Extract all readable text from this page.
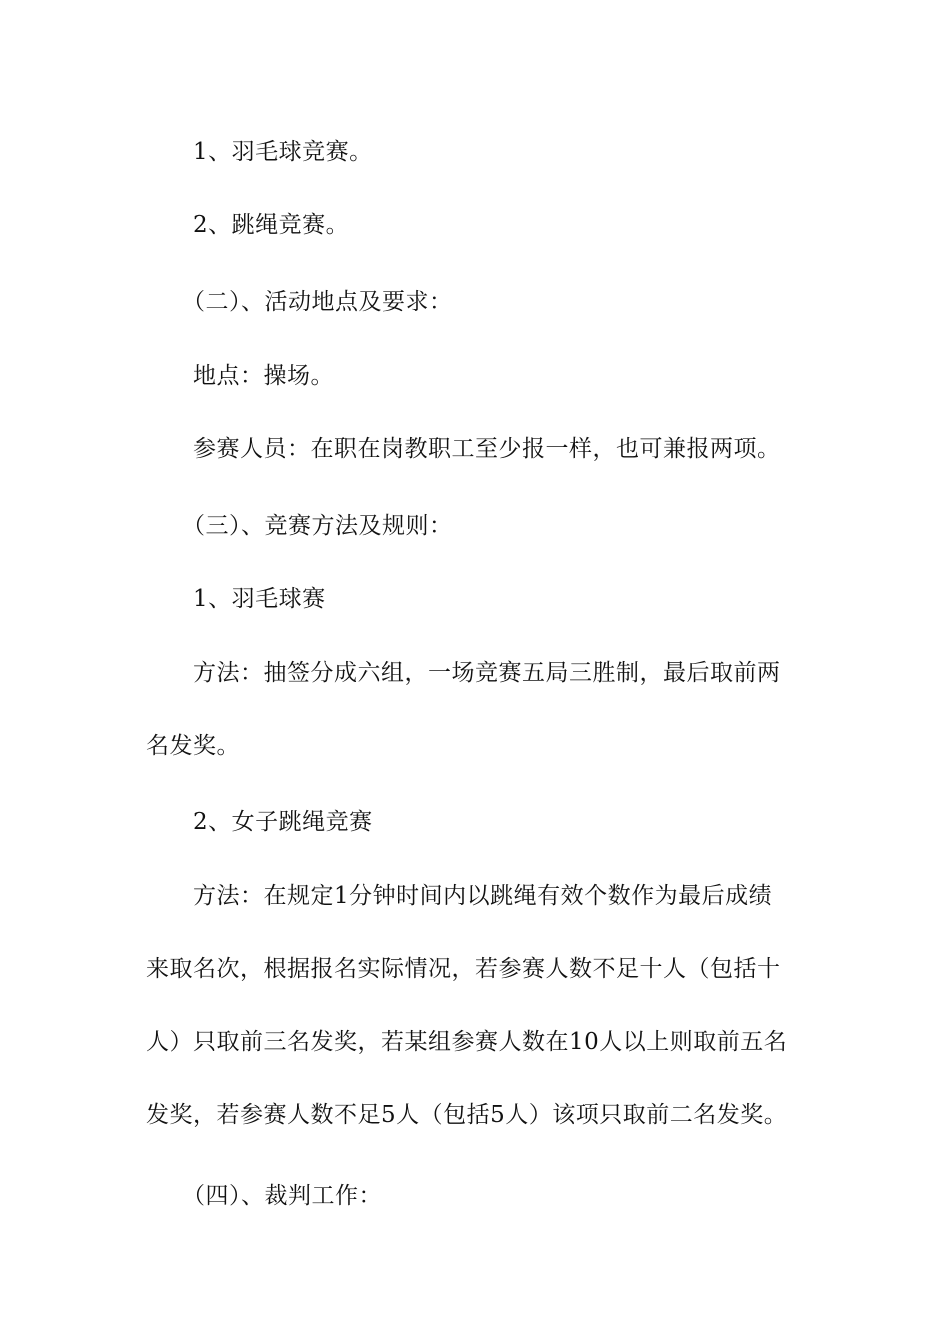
1、羽毛球竞赛。

2、跳绳竞赛。

（二）、活动地点及要求：

地点：操场。

参赛人员：在职在岗教职工至少报一样，也可兼报两项。

（三）、竞赛方法及规则：

1、羽毛球赛

方法：抽签分成六组，一场竞赛五局三胜制，最后取前两
名发奖。

2、女子跳绳竞赛

方法：在规定1分钟时间内以跳绳有效个数作为最后成绩
来取名次，根据报名实际情况，若参赛人数不足十人（包括十
人）只取前三名发奖，若某组参赛人数在10人以上则取前五名
发奖，若参赛人数不足5人（包括5人）该项只取前二名发奖。

（四）、裁判工作：
